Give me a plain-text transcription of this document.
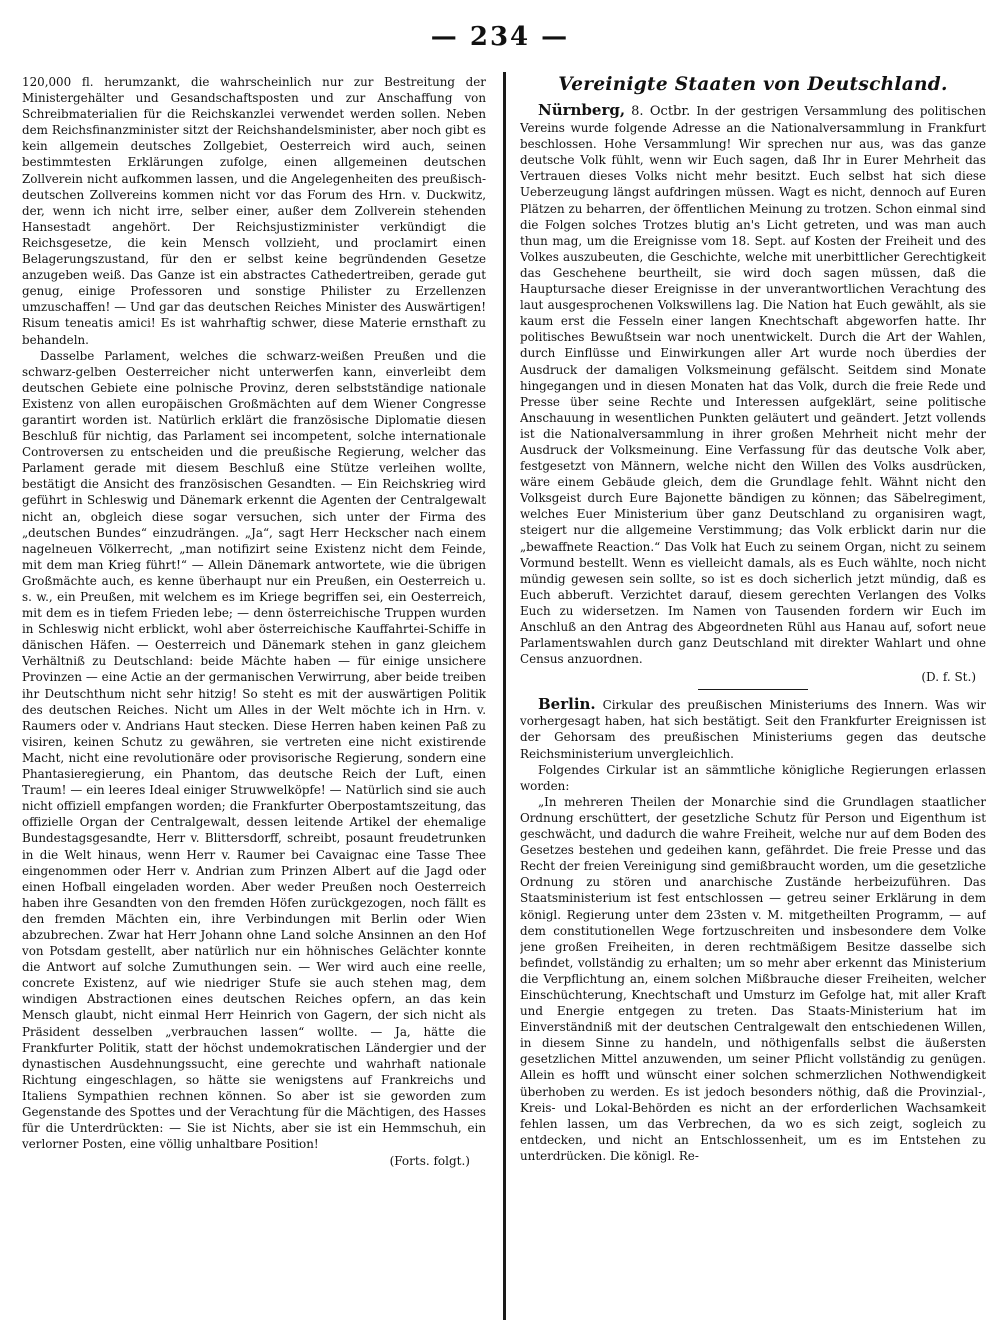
— 234 —

120,000 fl. herumzankt, die wahrscheinlich nur zur Bestreitung der Ministergehälter und Gesandschaftsposten und zur Anschaffung von Schreibmaterialien für die Reichskanzlei verwendet werden sollen. Neben dem Reichsfinanzminister sitzt der Reichshandelsminister, aber noch gibt es kein allgemein deutsches Zollgebiet, Oesterreich wird auch, seinen bestimmtesten Erklärungen zufolge, einen allgemeinen deutschen Zollverein nicht aufkommen lassen, und die Angelegenheiten des preußisch-deutschen Zollvereins kommen nicht vor das Forum des Hrn. v. Duckwitz, der, wenn ich nicht irre, selber einer, außer dem Zollverein stehenden Hansestadt angehört. Der Reichsjustizminister verkündigt die Reichsgesetze, die kein Mensch vollzieht, und proclamirt einen Belagerungszustand, für den er selbst keine begründenden Gesetze anzugeben weiß. Das Ganze ist ein abstractes Cathedertreiben, gerade gut genug, einige Professoren und sonstige Philister zu Erzellenzen umzuschaffen! — Und gar das deutschen Reiches Minister des Auswärtigen! Risum teneatis amici! Es ist wahrhaftig schwer, diese Materie ernsthaft zu behandeln.

Dasselbe Parlament, welches die schwarz-weißen Preußen und die schwarz-gelben Oesterreicher nicht unterwerfen kann, einverleibt dem deutschen Gebiete eine polnische Provinz, deren selbstständige nationale Existenz von allen europäischen Großmächten auf dem Wiener Congresse garantirt worden ist. Natürlich erklärt die französische Diplomatie diesen Beschluß für nichtig, das Parlament sei incompetent, solche internationale Controversen zu entscheiden und die preußische Regierung, welcher das Parlament gerade mit diesem Beschluß eine Stütze verleihen wollte, bestätigt die Ansicht des französischen Gesandten. — Ein Reichskrieg wird geführt in Schleswig und Dänemark erkennt die Agenten der Centralgewalt nicht an, obgleich diese sogar versuchen, sich unter der Firma des „deutschen Bundes“ einzudrängen. „Ja“, sagt Herr Heckscher nach einem nagelneuen Völkerrecht, „man notifizirt seine Existenz nicht dem Feinde, mit dem man Krieg führt!“ — Allein Dänemark antwortete, wie die übrigen Großmächte auch, es kenne überhaupt nur ein Preußen, ein Oesterreich u. s. w., ein Preußen, mit welchem es im Kriege begriffen sei, ein Oesterreich, mit dem es in tiefem Frieden lebe; — denn österreichische Truppen wurden in Schleswig nicht erblickt, wohl aber österreichische Kauffahrtei-Schiffe in dänischen Häfen. — Oesterreich und Dänemark stehen in ganz gleichem Verhältniß zu Deutschland: beide Mächte haben — für einige unsichere Provinzen — eine Actie an der germanischen Verwirrung, aber beide treiben ihr Deutschthum nicht sehr hitzig! So steht es mit der auswärtigen Politik des deutschen Reiches. Nicht um Alles in der Welt möchte ich in Hrn. v. Raumers oder v. Andrians Haut stecken. Diese Herren haben keinen Paß zu visiren, keinen Schutz zu gewähren, sie vertreten eine nicht existirende Macht, nicht eine revolutionäre oder provisorische Regierung, sondern eine Phantasieregierung, ein Phantom, das deutsche Reich der Luft, einen Traum! — ein leeres Ideal einiger Struwwelköpfe! — Natürlich sind sie auch nicht offiziell empfangen worden; die Frankfurter Oberpostamtszeitung, das offizielle Organ der Centralgewalt, dessen leitende Artikel der ehemalige Bundestagsgesandte, Herr v. Blittersdorff, schreibt, posaunt freudetrunken in die Welt hinaus, wenn Herr v. Raumer bei Cavaignac eine Tasse Thee eingenommen oder Herr v. Andrian zum Prinzen Albert auf die Jagd oder einen Hofball eingeladen worden. Aber weder Preußen noch Oesterreich haben ihre Gesandten von den fremden Höfen zurückgezogen, noch fällt es den fremden Mächten ein, ihre Verbindungen mit Berlin oder Wien abzubrechen. Zwar hat Herr Johann ohne Land solche Ansinnen an den Hof von Potsdam gestellt, aber natürlich nur ein höhnisches Gelächter konnte die Antwort auf solche Zumuthungen sein. — Wer wird auch eine reelle, concrete Existenz, auf wie niedriger Stufe sie auch stehen mag, dem windigen Abstractionen eines deutschen Reiches opfern, an das kein Mensch glaubt, nicht einmal Herr Heinrich von Gagern, der sich nicht als Präsident desselben „verbrauchen lassen“ wollte. — Ja, hätte die Frankfurter Politik, statt der höchst undemokratischen Ländergier und der dynastischen Ausdehnungssucht, eine gerechte und wahrhaft nationale Richtung eingeschlagen, so hätte sie wenigstens auf Frankreichs und Italiens Sympathien rechnen können. So aber ist sie geworden zum Gegenstande des Spottes und der Verachtung für die Mächtigen, des Hasses für die Unterdrückten: — Sie ist Nichts, aber sie ist ein Hemmschuh, ein verlorner Posten, eine völlig unhaltbare Position!

(Forts. folgt.)
Vereinigte Staaten von Deutschland.

Nürnberg, 8. Octbr. In der gestrigen Versammlung des politischen Vereins wurde folgende Adresse an die Nationalversammlung in Frankfurt beschlossen. Hohe Versammlung! Wir sprechen nur aus, was das ganze deutsche Volk fühlt, wenn wir Euch sagen, daß Ihr in Eurer Mehrheit das Vertrauen dieses Volks nicht mehr besitzt. Euch selbst hat sich diese Ueberzeugung längst aufdringen müssen. Wagt es nicht, dennoch auf Euren Plätzen zu beharren, der öffentlichen Meinung zu trotzen. Schon einmal sind die Folgen solches Trotzes blutig an's Licht getreten, und was man auch thun mag, um die Ereignisse vom 18. Sept. auf Kosten der Freiheit und des Volkes auszubeuten, die Geschichte, welche mit unerbittlicher Gerechtigkeit das Geschehene beurtheilt, sie wird doch sagen müssen, daß die Hauptursache dieser Ereignisse in der unverantwortlichen Verachtung des laut ausgesprochenen Volkswillens lag. Die Nation hat Euch gewählt, als sie kaum erst die Fesseln einer langen Knechtschaft abgeworfen hatte. Ihr politisches Bewußtsein war noch unentwickelt. Durch die Art der Wahlen, durch Einflüsse und Einwirkungen aller Art wurde noch überdies der Ausdruck der damaligen Volksmeinung gefälscht. Seitdem sind Monate hingegangen und in diesen Monaten hat das Volk, durch die freie Rede und Presse über seine Rechte und Interessen aufgeklärt, seine politische Anschauung in wesentlichen Punkten geläutert und geändert. Jetzt vollends ist die Nationalversammlung in ihrer großen Mehrheit nicht mehr der Ausdruck der Volksmeinung. Eine Verfassung für das deutsche Volk aber, festgesetzt von Männern, welche nicht den Willen des Volks ausdrücken, wäre einem Gebäude gleich, dem die Grundlage fehlt. Wähnt nicht den Volksgeist durch Eure Bajonette bändigen zu können; das Säbelregiment, welches Euer Ministerium über ganz Deutschland zu organisiren wagt, steigert nur die allgemeine Verstimmung; das Volk erblickt darin nur die „bewaffnete Reaction.“ Das Volk hat Euch zu seinem Organ, nicht zu seinem Vormund bestellt. Wenn es vielleicht damals, als es Euch wählte, noch nicht mündig gewesen sein sollte, so ist es doch sicherlich jetzt mündig, daß es Euch abberuft. Verzichtet darauf, diesem gerechten Verlangen des Volks Euch zu widersetzen. Im Namen von Tausenden fordern wir Euch im Anschluß an den Antrag des Abgeordneten Rühl aus Hanau auf, sofort neue Parlamentswahlen durch ganz Deutschland mit direkter Wahlart und ohne Census anzuordnen.

(D. f. St.)

Berlin. Cirkular des preußischen Ministeriums des Innern. Was wir vorhergesagt haben, hat sich bestätigt. Seit den Frankfurter Ereignissen ist der Gehorsam des preußischen Ministeriums gegen das deutsche Reichsministerium unvergleichlich.

Folgendes Cirkular ist an sämmtliche königliche Regierungen erlassen worden:

„In mehreren Theilen der Monarchie sind die Grundlagen staatlicher Ordnung erschüttert, der gesetzliche Schutz für Person und Eigenthum ist geschwächt, und dadurch die wahre Freiheit, welche nur auf dem Boden des Gesetzes bestehen und gedeihen kann, gefährdet. Die freie Presse und das Recht der freien Vereinigung sind gemißbraucht worden, um die gesetzliche Ordnung zu stören und anarchische Zustände herbeizuführen. Das Staatsministerium ist fest entschlossen — getreu seiner Erklärung in dem königl. Regierung unter dem 23sten v. M. mitgetheilten Programm, — auf dem constitutionellen Wege fortzuschreiten und insbesondere dem Volke jene großen Freiheiten, in deren rechtmäßigem Besitze dasselbe sich befindet, vollständig zu erhalten; um so mehr aber erkennt das Ministerium die Verpflichtung an, einem solchen Mißbrauche dieser Freiheiten, welcher Einschüchterung, Knechtschaft und Umsturz im Gefolge hat, mit aller Kraft und Energie entgegen zu treten. Das Staats-Ministerium hat im Einverständniß mit der deutschen Centralgewalt den entschiedenen Willen, in diesem Sinne zu handeln, und nöthigenfalls selbst die äußersten gesetzlichen Mittel anzuwenden, um seiner Pflicht vollständig zu genügen. Allein es hofft und wünscht einer solchen schmerzlichen Nothwendigkeit überhoben zu werden. Es ist jedoch besonders nöthig, daß die Provinzial-, Kreis- und Lokal-Behörden es nicht an der erforderlichen Wachsamkeit fehlen lassen, um das Verbrechen, da wo es sich zeigt, sogleich zu entdecken, und nicht an Entschlossenheit, um es im Entstehen zu unterdrücken. Die königl. Re-
